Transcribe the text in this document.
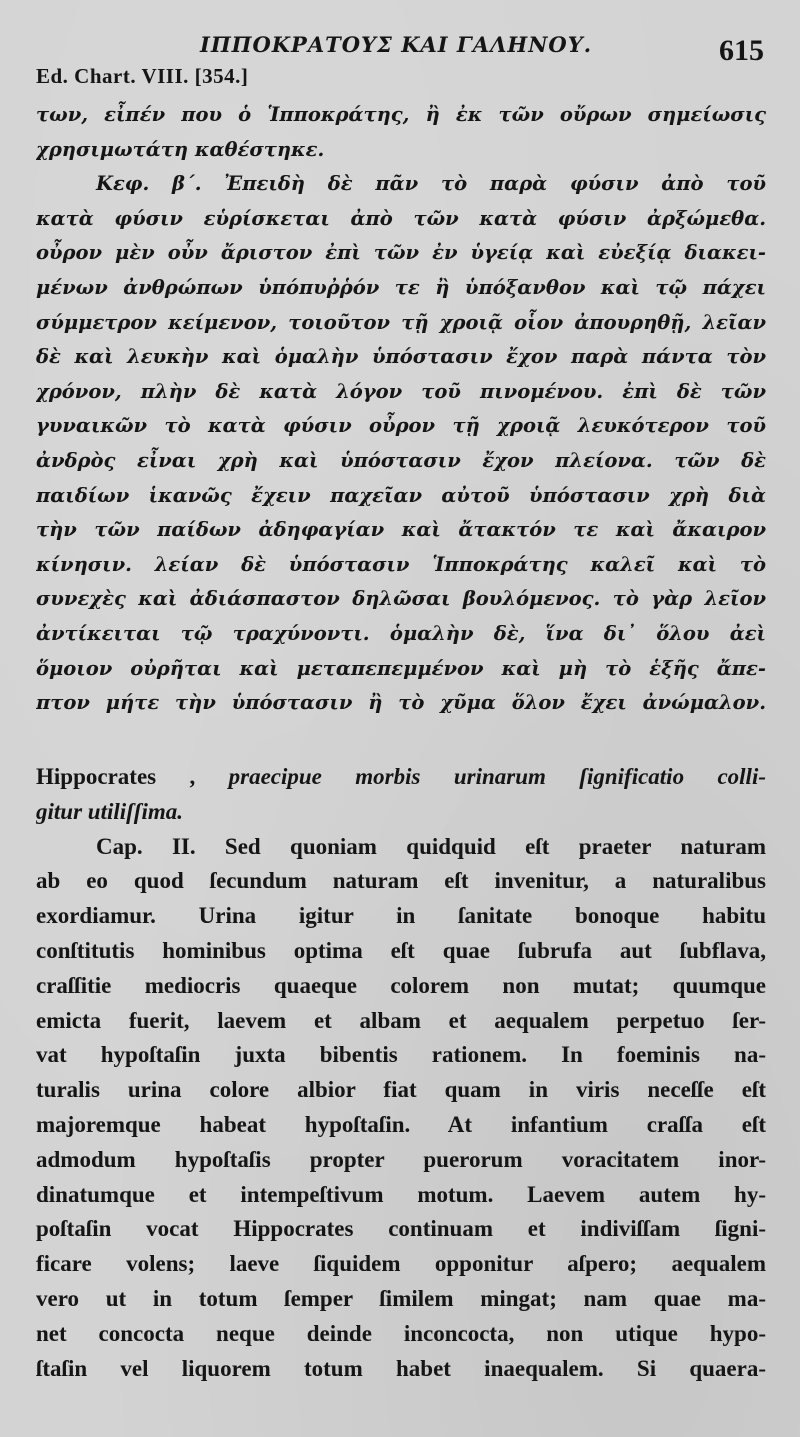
ΙΠΠΟΚΡΑΤΟΥΣ ΚΑΙ ΓΑΛΗΝΟΥ.	615
Ed. Chart. VIII. [354.]
των, εἶπέν που ὁ Ἱπποκράτης, ἢ ἐκ τῶν οὔρων σημείωσις
χρησιμωτάτη καθέστηκε.
Κεφ. β΄. Ἐπειδὴ δὲ πᾶν τὸ παρὰ φύσιν ἀπὸ τοῦ
κατὰ φύσιν εὑρίσκεται ἀπὸ τῶν κατὰ φύσιν ἀρξώμεθα.
οὖρον μὲν οὖν ἄριστον ἐπὶ τῶν ἐν ὑγείᾳ καὶ εὐεξίᾳ διακει-
μένων ἀνθρώπων ὑπόπυῤῥόν τε ἢ ὑπόξανθον καὶ τῷ πάχει
σύμμετρον κείμενον, τοιοῦτον τῇ χροιᾷ οἷον ἀπουρηθῇ, λεῖαν
δὲ καὶ λευκὴν καὶ ὁμαλὴν ὑπόστασιν ἔχον παρὰ πάντα τὸν
χρόνον, πλὴν δὲ κατὰ λόγον τοῦ πινομένου. ἐπὶ δὲ τῶν
γυναικῶν τὸ κατὰ φύσιν οὖρον τῇ χροιᾷ λευκότερον τοῦ
ἀνδρὸς εἶναι χρὴ καὶ ὑπόστασιν ἔχον πλείονα. τῶν δὲ
παιδίων ἱκανῶς ἔχειν παχεῖαν αὐτοῦ ὑπόστασιν χρὴ διὰ
τὴν τῶν παίδων ἀδηφαγίαν καὶ ἄτακτόν τε καὶ ἄκαιρον
κίνησιν. λείαν δὲ ὑπόστασιν Ἱπποκράτης καλεῖ καὶ τὸ
συνεχὲς καὶ ἀδιάσπαστον δηλῶσαι βουλόμενος. τὸ γὰρ λεῖον
ἀντίκειται τῷ τραχύνοντι. ὁμαλὴν δὲ, ἵνα δι᾽ ὅλου ἀεὶ
ὅμοιον οὐρῆται καὶ μεταπεπεμμένον καὶ μὴ τὸ ἑξῆς ἄπε-
πτον μήτε τὴν ὑπόστασιν ἢ τὸ χῦμα ὅλον ἔχει ἀνώμαλον.
Hippocrates , praecipue morbis urinarum ſignificatio colli-
gitur utiliſſima.
Cap. II. Sed quoniam quidquid eſt praeter naturam
ab eo quod ſecundum naturam eſt invenitur, a naturalibus
exordiamur. Urina igitur in ſanitate bonoque habitu
conſtitutis hominibus optima eſt quae ſubrufa aut ſubflava,
craſſitie mediocris quaeque colorem non mutat; quumque
emicta fuerit, laevem et albam et aequalem perpetuo ſer-
vat hypoſtaſin juxta bibentis rationem. In foeminis na-
turalis urina colore albior fiat quam in viris neceſſe eſt
majoremque habeat hypoſtaſin. At infantium craſſa eſt
admodum hypoſtaſis propter puerorum voracitatem inor-
dinatumque et intempeſtivum motum. Laevem autem hy-
poſtaſin vocat Hippocrates continuam et indiviſſam ſigni-
ficare volens; laeve ſiquidem opponitur aſpero; aequalem
vero ut in totum ſemper ſimilem mingat; nam quae ma-
net concocta neque deinde inconcocta, non utique hypo-
ſtaſin vel liquorem totum habet inaequalem. Si quaera-
